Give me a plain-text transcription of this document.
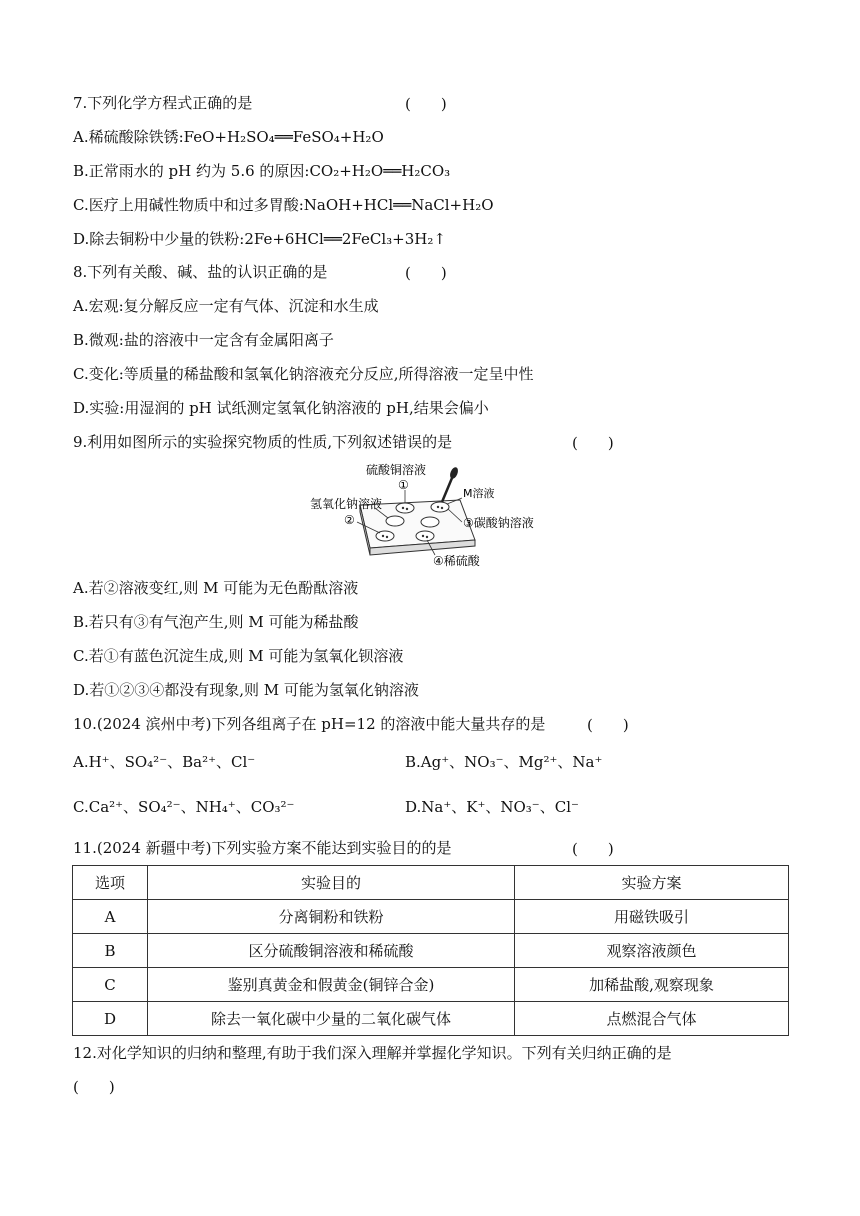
7.下列化学方程式正确的是	(　　)
A.稀硫酸除铁锈:FeO+H₂SO₄══FeSO₄+H₂O
B.正常雨水的 pH 约为 5.6 的原因:CO₂+H₂O══H₂CO₃
C.医疗上用碱性物质中和过多胃酸:NaOH+HCl══NaCl+H₂O
D.除去铜粉中少量的铁粉:2Fe+6HCl══2FeCl₃+3H₂↑
8.下列有关酸、碱、盐的认识正确的是	(　　)
A.宏观:复分解反应一定有气体、沉淀和水生成
B.微观:盐的溶液中一定含有金属阳离子
C.变化:等质量的稀盐酸和氢氧化钠溶液充分反应,所得溶液一定呈中性
D.实验:用湿润的 pH 试纸测定氢氧化钠溶液的 pH,结果会偏小
9.利用如图所示的实验探究物质的性质,下列叙述错误的是	(　　)
硫酸铜溶液
①
氢氧化钠溶液
②
M溶液
③碳酸钠溶液
④稀硫酸
A.若②溶液变红,则 M 可能为无色酚酞溶液
B.若只有③有气泡产生,则 M 可能为稀盐酸
C.若①有蓝色沉淀生成,则 M 可能为氢氧化钡溶液
D.若①②③④都没有现象,则 M 可能为氢氧化钠溶液
10.(2024 滨州中考)下列各组离子在 pH=12 的溶液中能大量共存的是	(　　)
A.H⁺、SO₄²⁻、Ba²⁺、Cl⁻	B.Ag⁺、NO₃⁻、Mg²⁺、Na⁺
C.Ca²⁺、SO₄²⁻、NH₄⁺、CO₃²⁻	D.Na⁺、K⁺、NO₃⁻、Cl⁻
11.(2024 新疆中考)下列实验方案不能达到实验目的的是	(　　)
选项	实验目的	实验方案
A	分离铜粉和铁粉	用磁铁吸引
B	区分硫酸铜溶液和稀硫酸	观察溶液颜色
C	鉴别真黄金和假黄金(铜锌合金)	加稀盐酸,观察现象
D	除去一氧化碳中少量的二氧化碳气体	点燃混合气体
12.对化学知识的归纳和整理,有助于我们深入理解并掌握化学知识。下列有关归纳正确的是
(　　)
